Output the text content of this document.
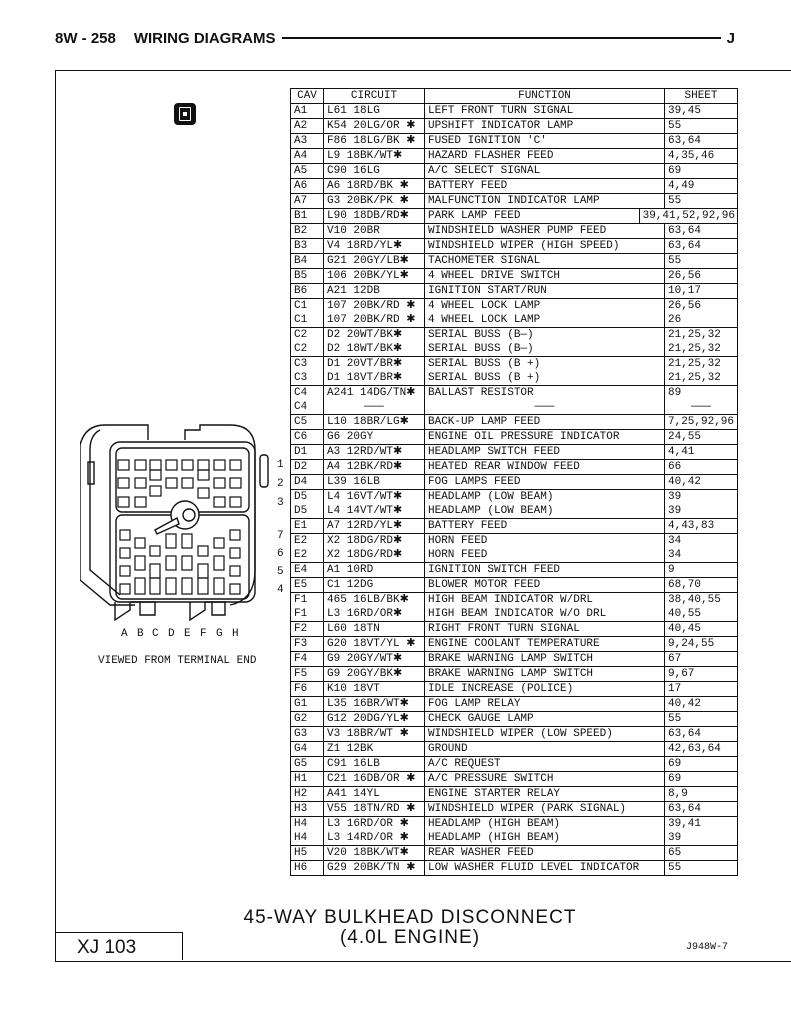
8W - 258 WIRING DIAGRAMS	J
1
2
3
7
6
5
4
A B C D E F G H
VIEWED FROM TERMINAL END
CAV	CIRCUIT	FUNCTION	SHEET
A1	L61 18LG	LEFT FRONT TURN SIGNAL	39,45
A2	K54 20LG/OR ✱	UPSHIFT INDICATOR LAMP	55
A3	F86 18LG/BK ✱	FUSED IGNITION 'C'	63,64
A4	L9 18BK/WT✱	HAZARD FLASHER FEED	4,35,46
A5	C90 16LG	A/C SELECT SIGNAL	69
A6	A6 18RD/BK ✱	BATTERY FEED	4,49
A7	G3 20BK/PK ✱	MALFUNCTION INDICATOR LAMP	55
B1	L90 18DB/RD✱	PARK LAMP FEED	39,41,52,92,96

B2	V10 20BR	WINDSHIELD WASHER PUMP FEED	63,64
B3	V4 18RD/YL✱	WINDSHIELD WIPER (HIGH SPEED)	63,64
B4	G21 20GY/LB✱	TACHOMETER SIGNAL	55
B5	106 20BK/YL✱	4 WHEEL DRIVE SWITCH	26,56
B6	A21 12DB	IGNITION START/RUN	10,17
C1	107 20BK/RD ✱	4 WHEEL LOCK LAMP	26,56
C1	107 20BK/RD ✱	4 WHEEL LOCK LAMP	26
C2	D2 20WT/BK✱	SERIAL BUSS (B—)	21,25,32
C2	D2 18WT/BK✱	SERIAL BUSS (B—)	21,25,32
C3	D1 20VT/BR✱	SERIAL BUSS (B +)	21,25,32
C3	D1 18VT/BR✱	SERIAL BUSS (B +)	21,25,32
C4	A241 14DG/TN✱	BALLAST RESISTOR	89
C4	———	———	———
C5	L10 18BR/LG✱	BACK-UP LAMP FEED	7,25,92,96
C6	G6 20GY	ENGINE OIL PRESSURE INDICATOR	24,55
D1	A3 12RD/WT✱	HEADLAMP SWITCH FEED	4,41
D2	A4 12BK/RD✱	HEATED REAR WINDOW FEED	66
D4	L39 16LB	FOG LAMPS FEED	40,42
D5	L4 16VT/WT✱	HEADLAMP (LOW BEAM)	39
D5	L4 14VT/WT✱	HEADLAMP (LOW BEAM)	39
E1	A7 12RD/YL✱	BATTERY FEED	4,43,83
E2	X2 18DG/RD✱	HORN FEED	34
E2	X2 18DG/RD✱	HORN FEED	34
E4	A1 10RD	IGNITION SWITCH FEED	9
E5	C1 12DG	BLOWER MOTOR FEED	68,70
F1	465 16LB/BK✱	HIGH BEAM INDICATOR W/DRL	38,40,55
F1	L3 16RD/OR✱	HIGH BEAM INDICATOR W/O DRL	40,55
F2	L60 18TN	RIGHT FRONT TURN SIGNAL	40,45
F3	G20 18VT/YL ✱	ENGINE COOLANT TEMPERATURE	9,24,55
F4	G9 20GY/WT✱	BRAKE WARNING LAMP SWITCH	67
F5	G9 20GY/BK✱	BRAKE WARNING LAMP SWITCH	9,67
F6	K10 18VT	IDLE INCREASE (POLICE)	17
G1	L35 16BR/WT✱	FOG LAMP RELAY	40,42
G2	G12 20DG/YL✱	CHECK GAUGE LAMP	55
G3	V3 18BR/WT ✱	WINDSHIELD WIPER (LOW SPEED)	63,64
G4	Z1 12BK	GROUND	42,63,64
G5	C91 16LB	A/C REQUEST	69
H1	C21 16DB/OR ✱	A/C PRESSURE SWITCH	69
H2	A41 14YL	ENGINE STARTER RELAY	8,9
H3	V55 18TN/RD ✱	WINDSHIELD WIPER (PARK SIGNAL)	63,64
H4	L3 16RD/OR ✱	HEADLAMP (HIGH BEAM)	39,41
H4	L3 14RD/OR ✱	HEADLAMP (HIGH BEAM)	39
H5	V20 18BK/WT✱	REAR WASHER FEED	65
H6	G29 20BK/TN ✱	LOW WASHER FLUID LEVEL INDICATOR	55
45-WAY BULKHEAD DISCONNECT
(4.0L ENGINE)
XJ 103	J948W-7
